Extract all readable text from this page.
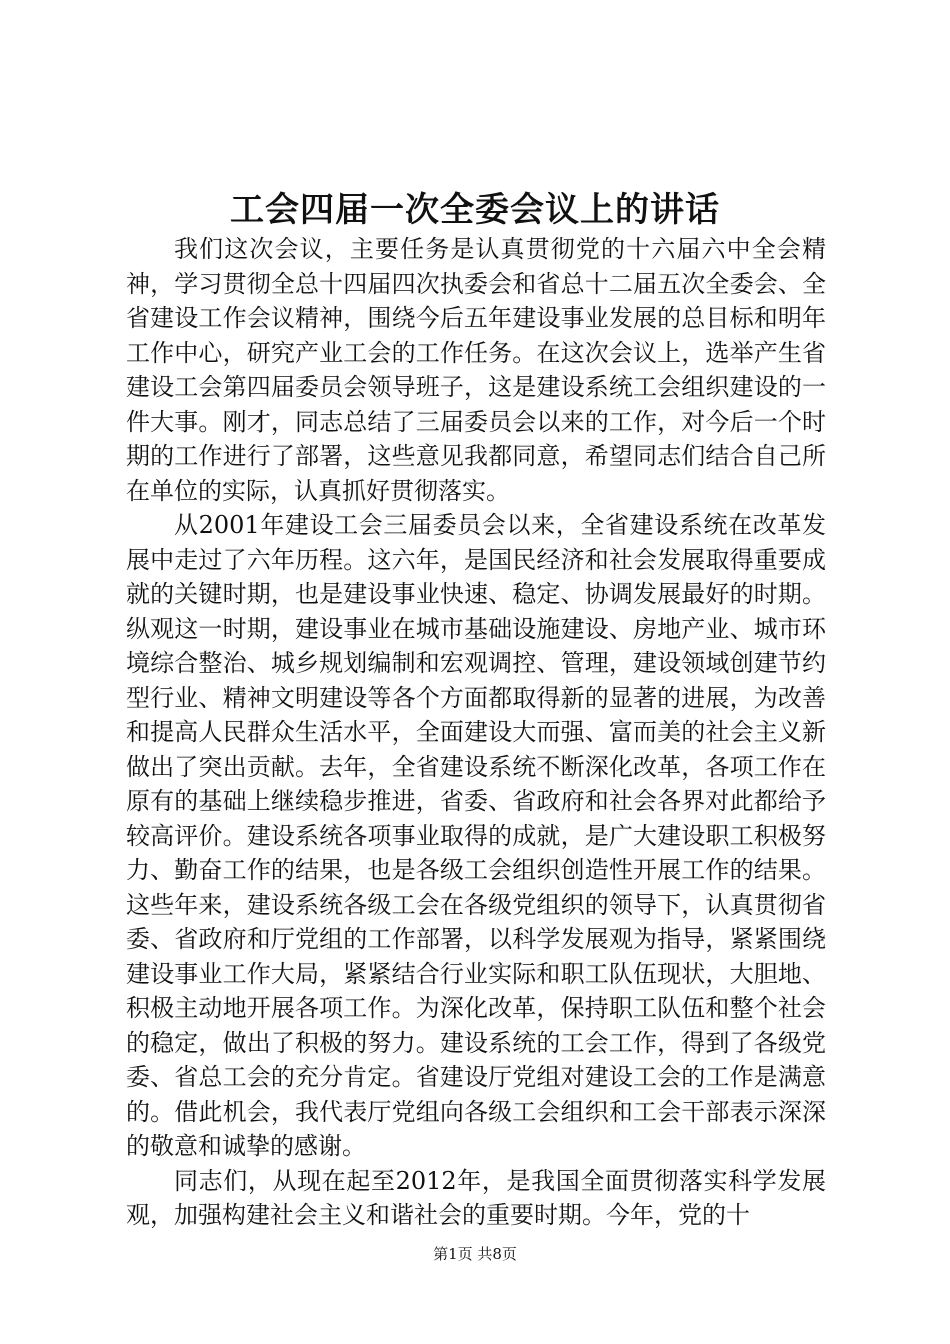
工会四届一次全委会议上的讲话

我们这次会议，主要任务是认真贯彻党的十六届六中全会精神，学习贯彻全总十四届四次执委会和省总十二届五次全委会、全省建设工作会议精神，围绕今后五年建设事业发展的总目标和明年工作中心，研究产业工会的工作任务。在这次会议上，选举产生省建设工会第四届委员会领导班子，这是建设系统工会组织建设的一件大事。刚才，同志总结了三届委员会以来的工作，对今后一个时期的工作进行了部署，这些意见我都同意，希望同志们结合自己所在单位的实际，认真抓好贯彻落实。

从2001年建设工会三届委员会以来，全省建设系统在改革发展中走过了六年历程。这六年，是国民经济和社会发展取得重要成就的关键时期，也是建设事业快速、稳定、协调发展最好的时期。纵观这一时期，建设事业在城市基础设施建设、房地产业、城市环境综合整治、城乡规划编制和宏观调控、管理，建设领域创建节约型行业、精神文明建设等各个方面都取得新的显著的进展，为改善和提高人民群众生活水平，全面建设大而强、富而美的社会主义新做出了突出贡献。去年，全省建设系统不断深化改革，各项工作在原有的基础上继续稳步推进，省委、省政府和社会各界对此都给予较高评价。建设系统各项事业取得的成就，是广大建设职工积极努力、勤奋工作的结果，也是各级工会组织创造性开展工作的结果。这些年来，建设系统各级工会在各级党组织的领导下，认真贯彻省委、省政府和厅党组的工作部署，以科学发展观为指导，紧紧围绕建设事业工作大局，紧紧结合行业实际和职工队伍现状，大胆地、积极主动地开展各项工作。为深化改革，保持职工队伍和整个社会的稳定，做出了积极的努力。建设系统的工会工作，得到了各级党委、省总工会的充分肯定。省建设厅党组对建设工会的工作是满意的。借此机会，我代表厅党组向各级工会组织和工会干部表示深深的敬意和诚挚的感谢。

同志们，从现在起至2012年，是我国全面贯彻落实科学发展观，加强构建社会主义和谐社会的重要时期。今年，党的十

第1页 共8页
